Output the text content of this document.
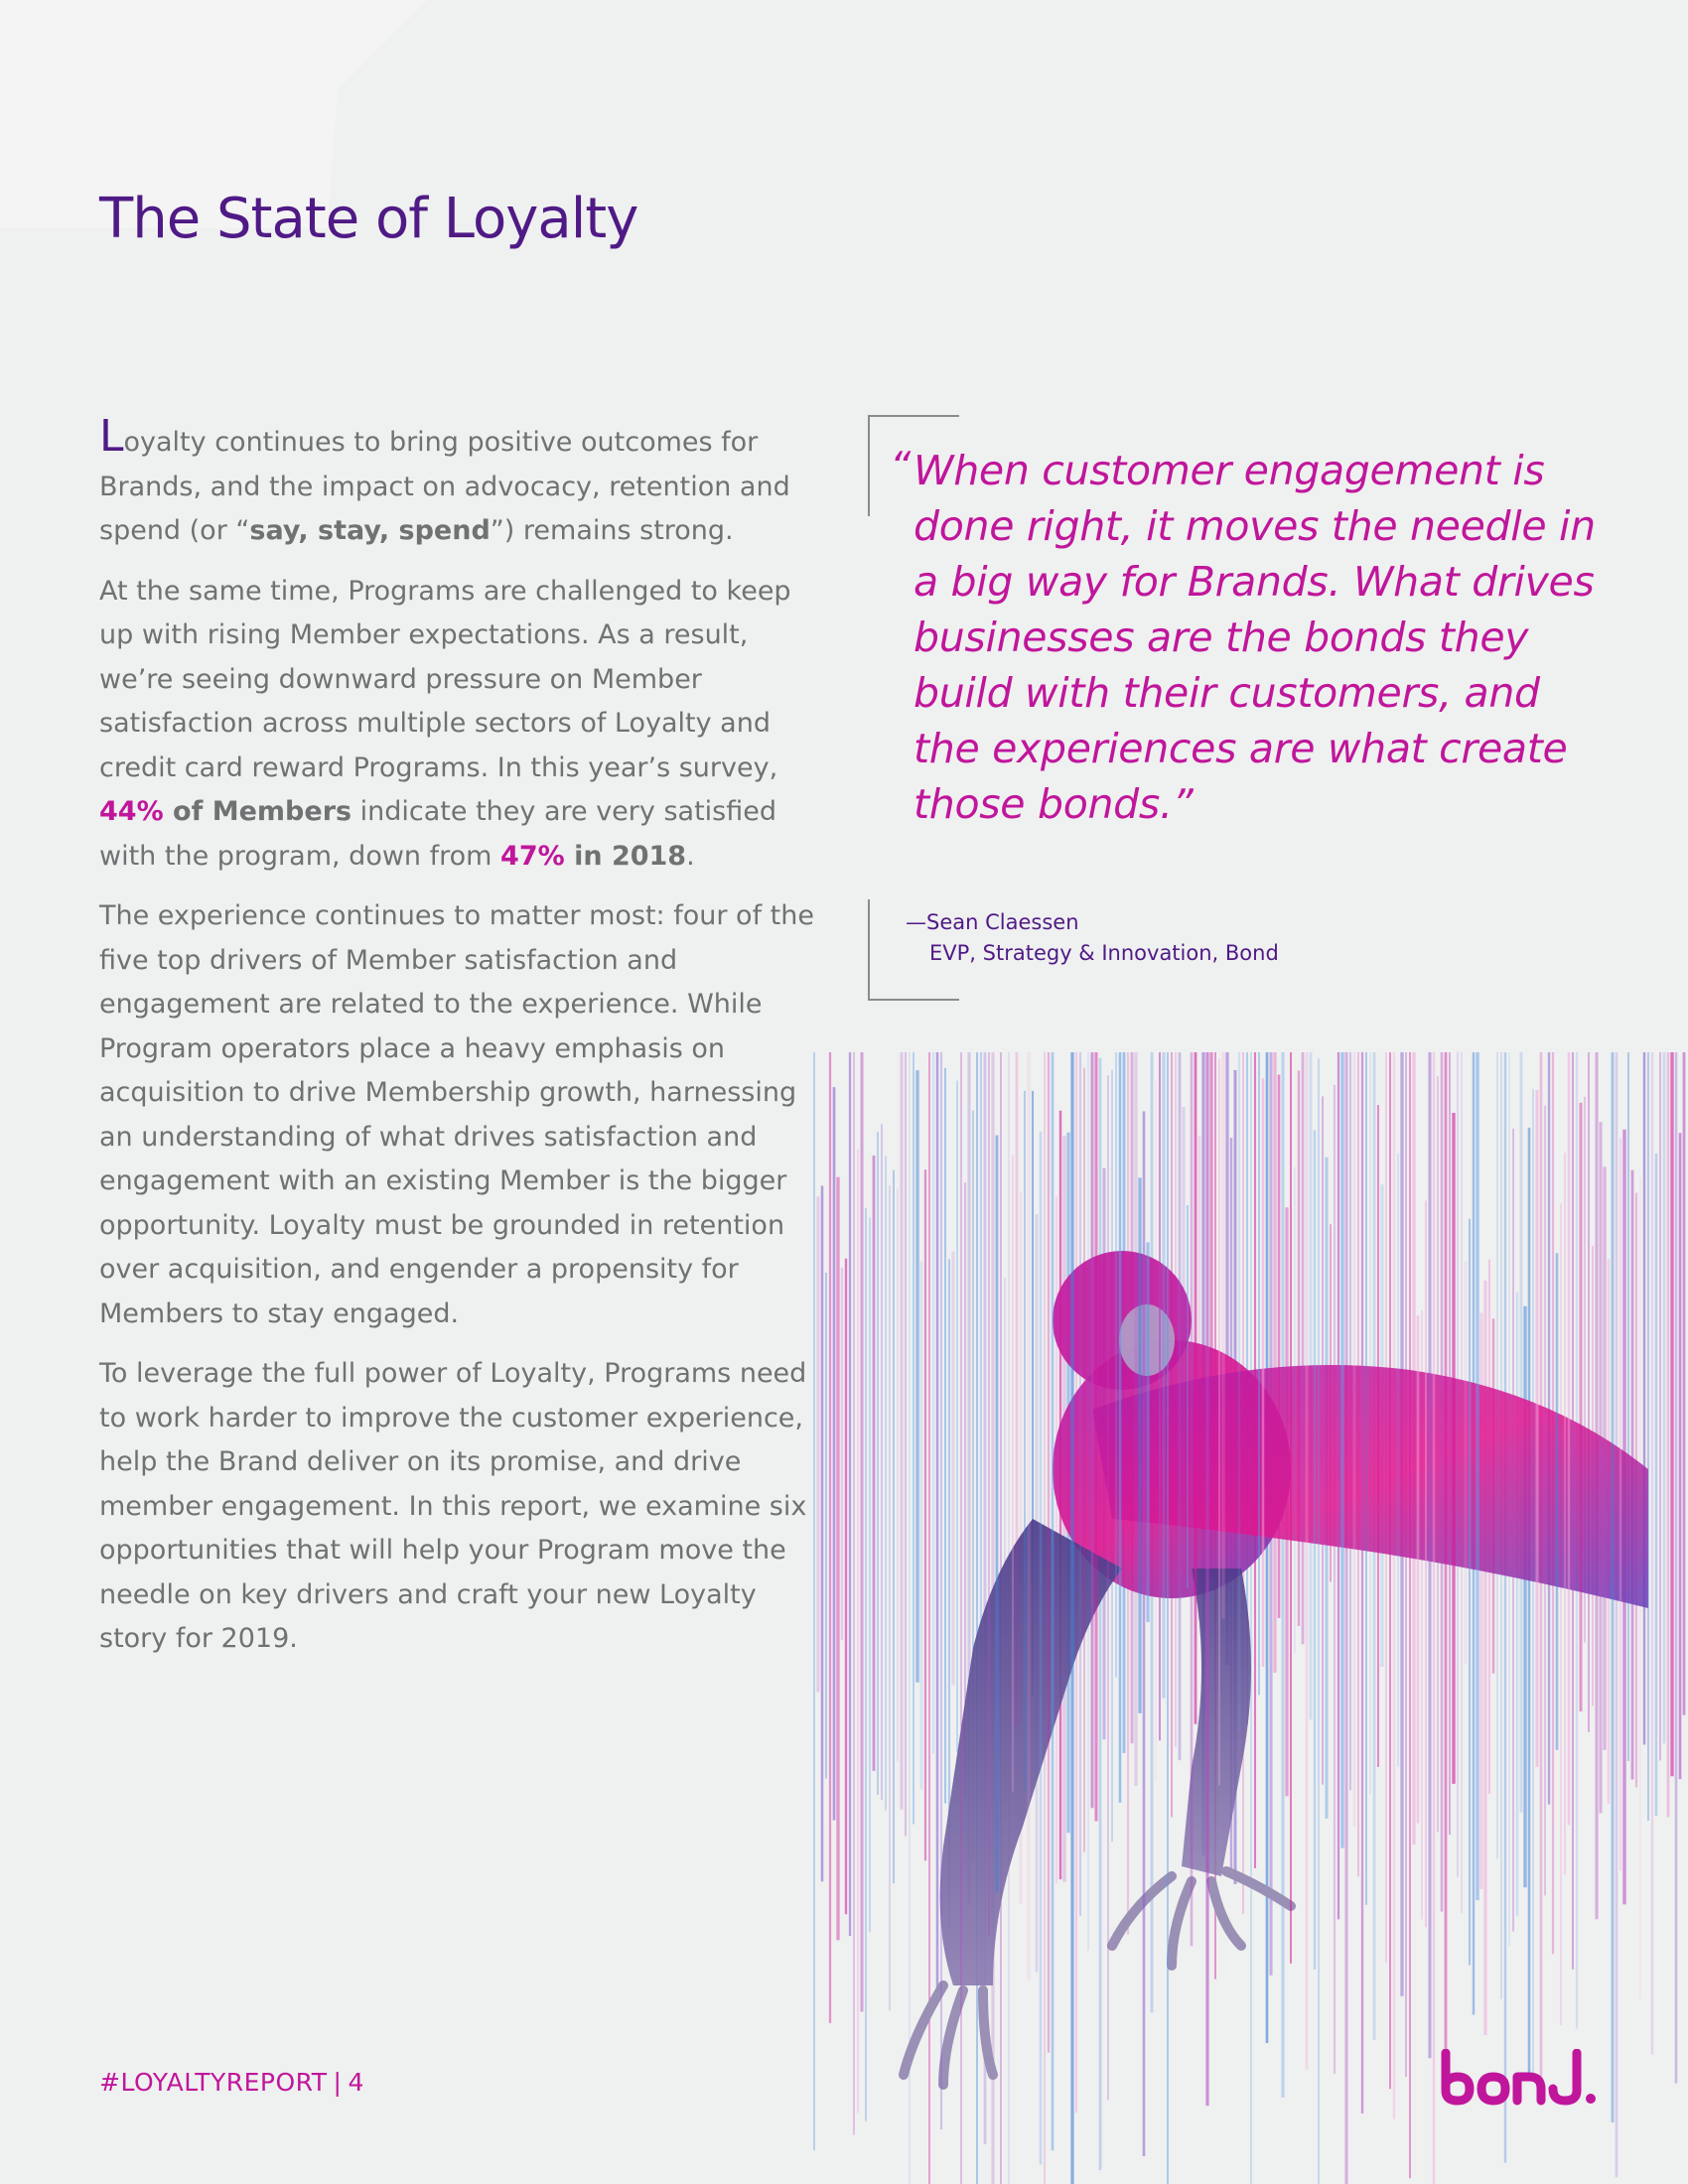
The State of Loyalty

Loyalty continues to bring positive outcomes for Brands, and the impact on advocacy, retention and spend (or “say, stay, spend”) remains strong.

At the same time, Programs are challenged to keep up with rising Member expectations. As a result, we’re seeing downward pressure on Member satisfaction across multiple sectors of Loyalty and credit card reward Programs. In this year’s survey, 44% of Members indicate they are very satisfied with the program, down from 47% in 2018.

The experience continues to matter most: four of the five top drivers of Member satisfaction and engagement are related to the experience. While Program operators place a heavy emphasis on acquisition to drive Membership growth, harnessing an understanding of what drives satisfaction and engagement with an existing Member is the bigger opportunity. Loyalty must be grounded in retention over acquisition, and engender a propensity for Members to stay engaged.

To leverage the full power of Loyalty, Programs need to work harder to improve the customer experience, help the Brand deliver on its promise, and drive member engagement. In this report, we examine six opportunities that will help your Program move the needle on key drivers and craft your new Loyalty story for 2019.

“ When customer engagement is done right, it moves the needle in a big way for Brands. What drives businesses are the bonds they build with their customers, and the experiences are what create those bonds.”
—Sean Claessen
EVP, Strategy & Innovation, Bond
#LOYALTYREPORT | 4
